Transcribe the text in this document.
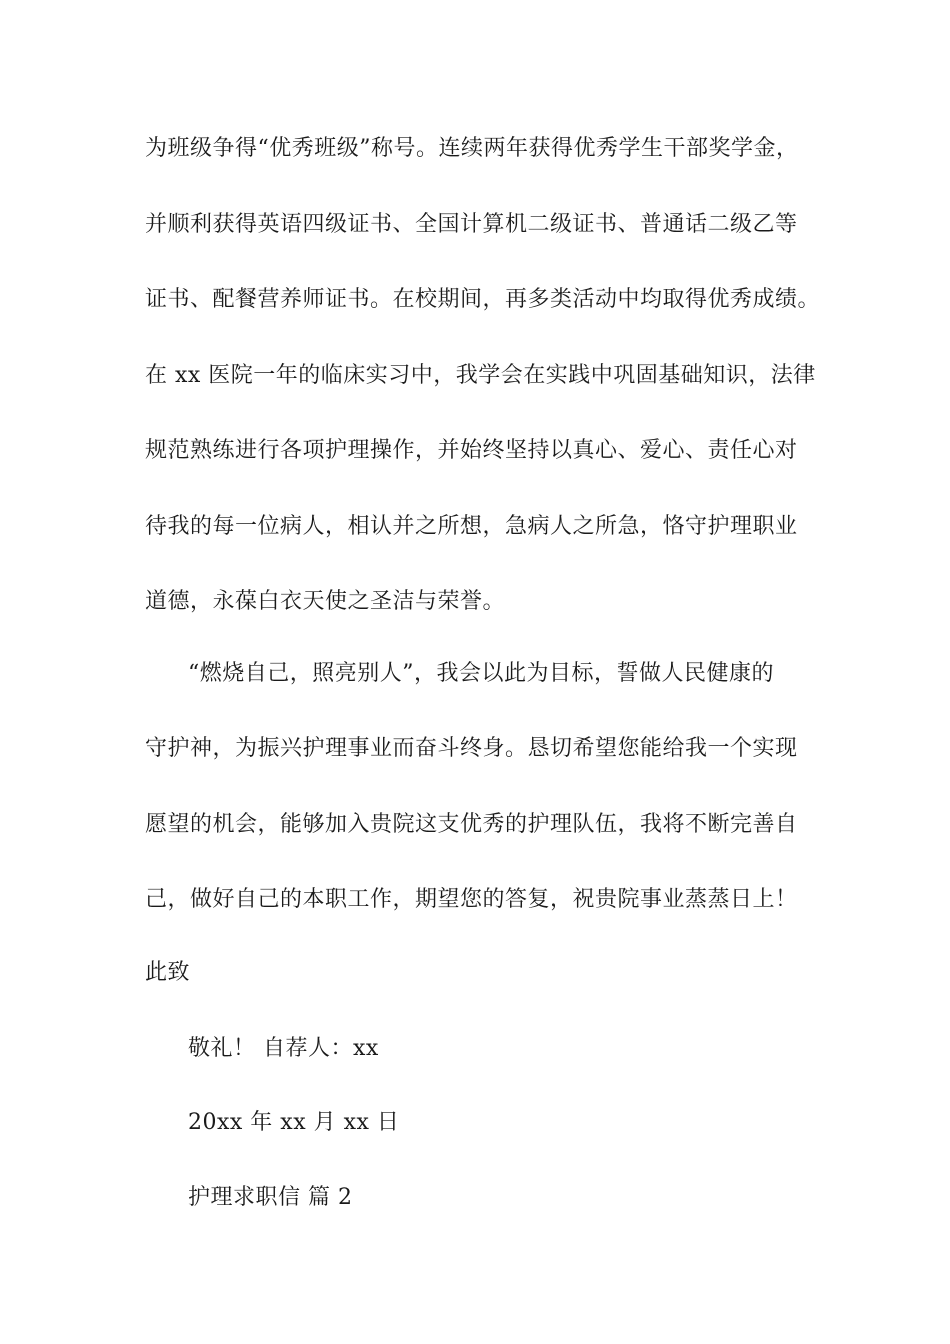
为班级争得“优秀班级”称号。连续两年获得优秀学生干部奖学金，
并顺利获得英语四级证书、全国计算机二级证书、普通话二级乙等
证书、配餐营养师证书。在校期间，再多类活动中均取得优秀成绩。
在 xx 医院一年的临床实习中，我学会在实践中巩固基础知识，法律
规范熟练进行各项护理操作，并始终坚持以真心、爱心、责任心对
待我的每一位病人，相认并之所想，急病人之所急，恪守护理职业
道德，永葆白衣天使之圣洁与荣誉。
“燃烧自己，照亮别人”，我会以此为目标，誓做人民健康的
守护神，为振兴护理事业而奋斗终身。恳切希望您能给我一个实现
愿望的机会，能够加入贵院这支优秀的护理队伍，我将不断完善自
己，做好自己的本职工作，期望您的答复，祝贵院事业蒸蒸日上！
此致
敬礼！ 自荐人：xx
20xx 年 xx 月 xx 日
护理求职信 篇 2
